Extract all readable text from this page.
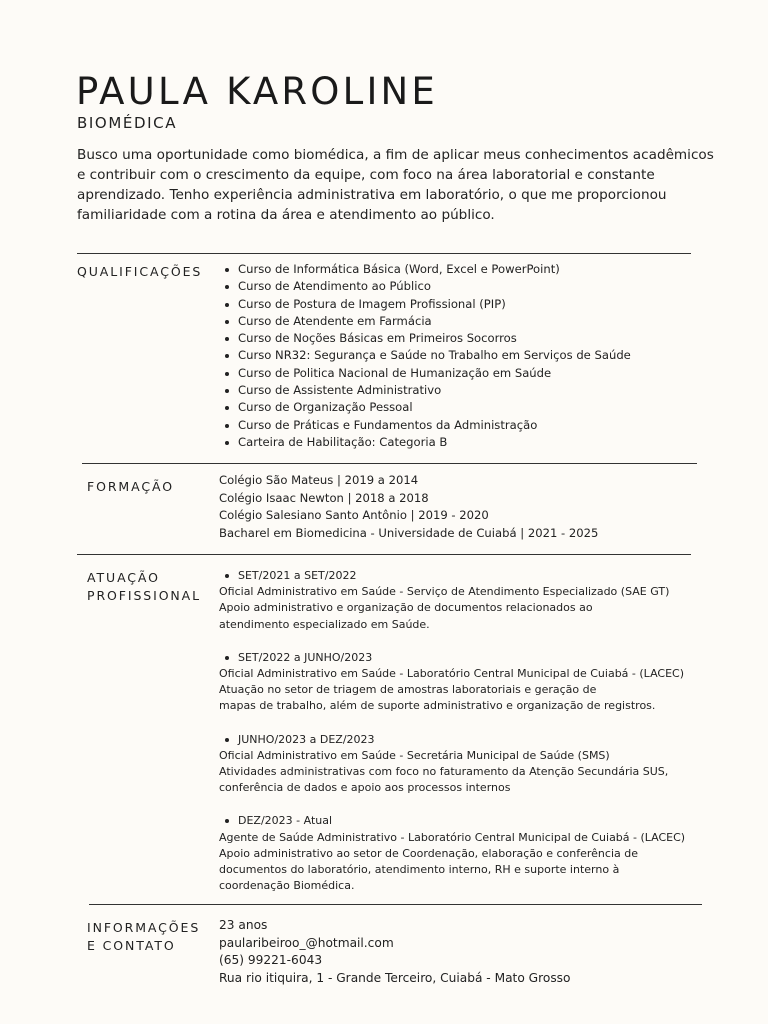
PAULA KAROLINE
BIOMÉDICA
Busco uma oportunidade como biomédica, a fim de aplicar meus conhecimentos acadêmicos e contribuir com o crescimento da equipe, com foco na área laboratorial e constante aprendizado. Tenho experiência administrativa em laboratório, o que me proporcionou familiaridade com a rotina da área e atendimento ao público.
QUALIFICAÇÕES	Curso de Informática Básica (Word, Excel e PowerPoint)
Curso de Atendimento ao Público
Curso de Postura de Imagem Profissional (PIP)
Curso de Atendente em Farmácia
Curso de Noções Básicas em Primeiros Socorros
Curso NR32: Segurança e Saúde no Trabalho em Serviços de Saúde
Curso de Politica Nacional de Humanização em Saúde
Curso de Assistente Administrativo
Curso de Organização Pessoal
Curso de Práticas e Fundamentos da Administração
Carteira de Habilitação: Categoria B
FORMAÇÃO	Colégio São Mateus | 2019 a 2014
Colégio Isaac Newton | 2018 a 2018
Colégio Salesiano Santo Antônio | 2019 - 2020
Bacharel em Biomedicina - Universidade de Cuiabá | 2021 - 2025
ATUAÇÃO
PROFISSIONAL
SET/2021 a SET/2022
Oficial Administrativo em Saúde - Serviço de Atendimento Especializado (SAE GT)
Apoio administrativo e organização de documentos relacionados ao
atendimento especializado em Saúde.
SET/2022 a JUNHO/2023
Oficial Administrativo em Saúde - Laboratório Central Municipal de Cuiabá - (LACEC)
Atuação no setor de triagem de amostras laboratoriais e geração de
mapas de trabalho, além de suporte administrativo e organização de registros.
JUNHO/2023 a DEZ/2023
Oficial Administrativo em Saúde - Secretária Municipal de Saúde (SMS)
Atividades administrativas com foco no faturamento da Atenção Secundária SUS,
conferência de dados e apoio aos processos internos
DEZ/2023 - Atual
Agente de Saúde Administrativo - Laboratório Central Municipal de Cuiabá - (LACEC)
Apoio administrativo ao setor de Coordenação, elaboração e conferência de
documentos do laboratório, atendimento interno, RH e suporte interno à
coordenação Biomédica.
INFORMAÇÕES
E CONTATO
23 anos
paularibeiroo_@hotmail.com
(65) 99221-6043
Rua rio itiquira, 1 - Grande Terceiro, Cuiabá - Mato Grosso
